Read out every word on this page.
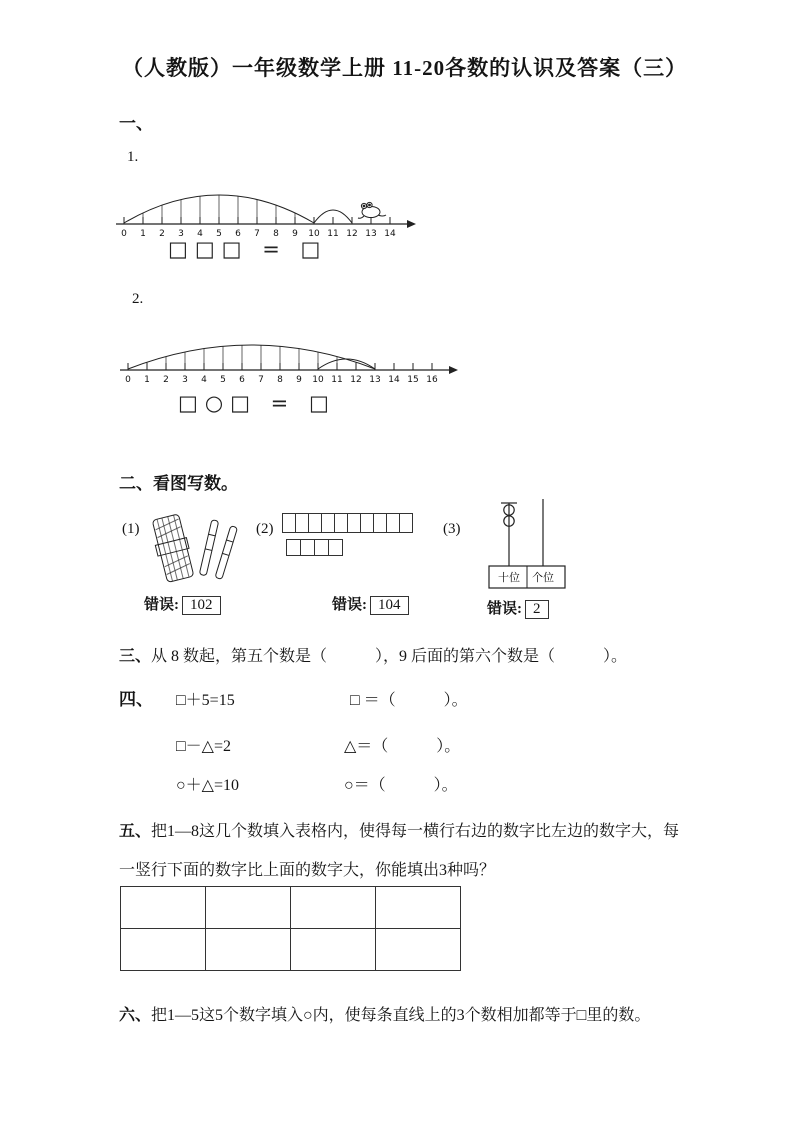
（人教版）一年级数学上册 11-20各数的认识及答案（三）
一、
1.
0 1 2 3 4 5 6 7 8 9 10 11 12 13 14
□□□ = □
2.
0 1 2 3 4 5 6 7 8 9 10 11 12 13 14 15 16
□○□ = □
二、看图写数。
(1)	(2)	(3)
十位 个位
错误: 102	错误: 104	错误: 2
三、从 8 数起，第五个数是（　　　），9 后面的第六个数是（　　　）。
四、 □＋5=15	□ ＝（　　　）。
□－△=2	△＝（　　　）。
○＋△=10	○＝（　　　）。
五、把1—8这几个数填入表格内，使得每一横行右边的数字比左边的数字大，每一竖行下面的数字比上面的数字大，你能填出3种吗？

六、把1—5这5个数字填入○内，使每条直线上的3个数相加都等于□里的数。
